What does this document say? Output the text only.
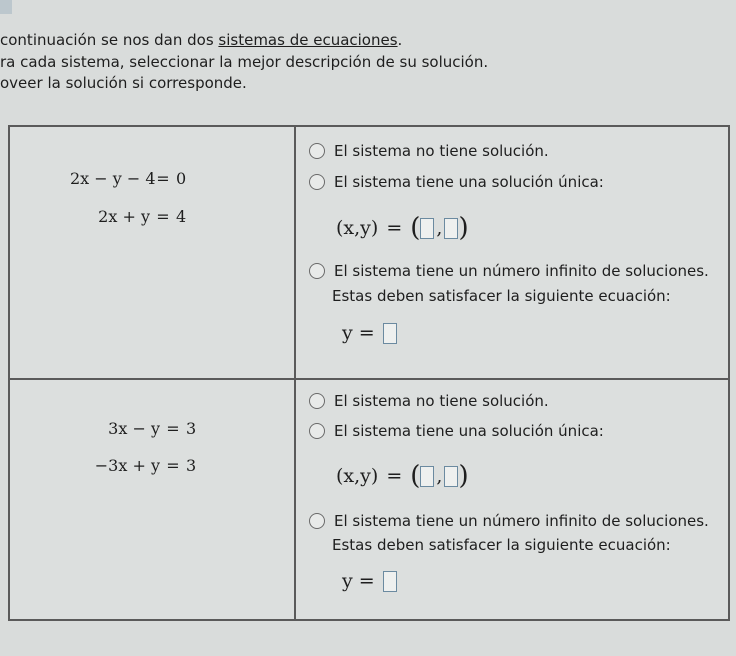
continuación se nos dan dos sistemas de ecuaciones.
ra cada sistema, seleccionar la mejor descripción de su solución.
oveer la solución si corresponde.
2x − y − 4= 0
2x + y = 4
El sistema no tiene solución.
El sistema tiene una solución única:
(x,y) = ( , )
El sistema tiene un número infinito de soluciones.
Estas deben satisfacer la siguiente ecuación:
y =
3x − y = 3
−3x + y = 3
El sistema no tiene solución.
El sistema tiene una solución única:
(x,y) = ( , )
El sistema tiene un número infinito de soluciones.
Estas deben satisfacer la siguiente ecuación:
y =
